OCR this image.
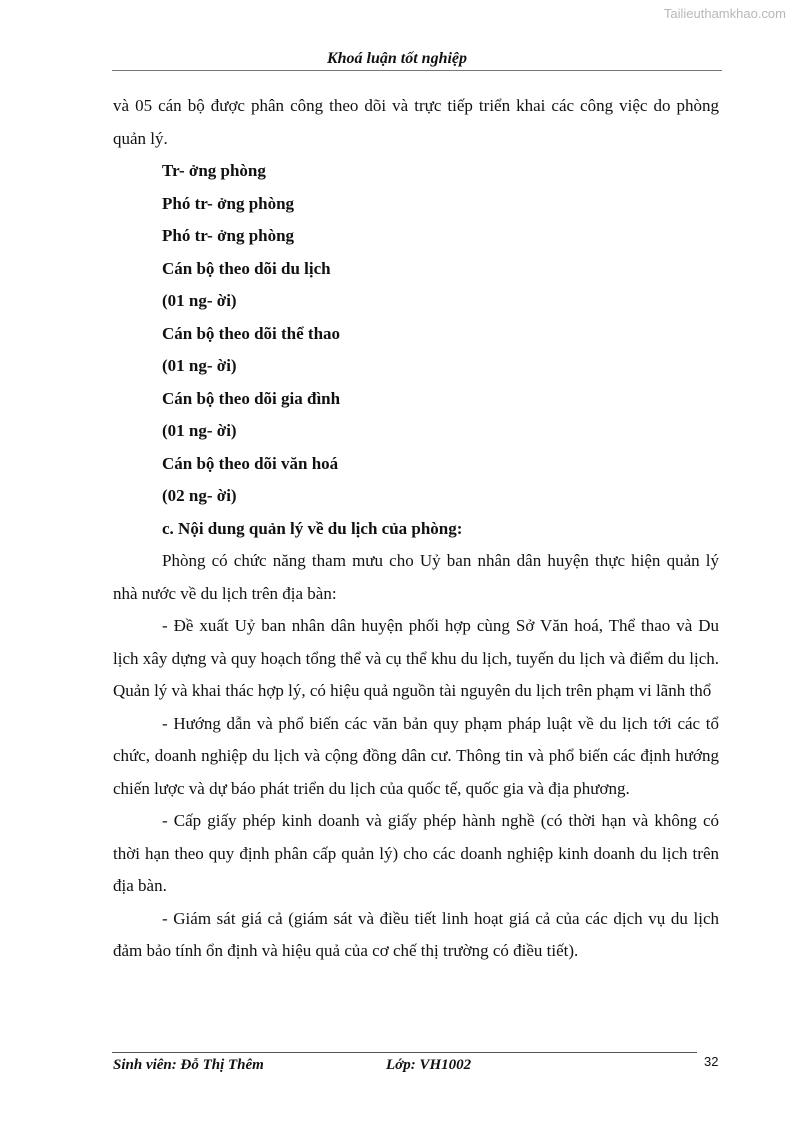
Tailieuthamkhao.com
Khoá luận tốt nghiệp

và 05 cán bộ được phân công theo dõi và trực tiếp triển khai các công việc do phòng quản lý.

Tr- ởng phòng

Phó tr- ởng phòng

Phó tr- ởng phòng

Cán bộ theo dõi du lịch

(01 ng- ời)

Cán bộ theo dõi thể thao

(01 ng- ời)

Cán bộ theo dõi gia đình

(01 ng- ời)

Cán bộ theo dõi văn hoá

(02 ng- ời)

c. Nội dung quản lý về du lịch của phòng:

Phòng có chức năng tham mưu cho Uỷ ban nhân dân huyện thực hiện quản lý nhà nước về du lịch trên địa bàn:

- Đề xuất Uỷ ban nhân dân huyện phối hợp cùng Sở Văn hoá, Thể thao và Du lịch xây dựng và quy hoạch tổng thể và cụ thể khu du lịch, tuyến du lịch và điểm du lịch. Quản lý và khai thác hợp lý, có hiệu quả nguồn tài nguyên du lịch trên phạm vi lãnh thổ

- Hướng dẫn và phổ biến các văn bản quy phạm pháp luật về du lịch tới các tổ chức, doanh nghiệp du lịch và cộng đồng dân cư. Thông tin và phổ biến các định hướng chiến lược và dự báo phát triển du lịch của quốc tế, quốc gia và địa phương.

- Cấp giấy phép kinh doanh và giấy phép hành nghề (có thời hạn và không có thời hạn theo quy định phân cấp quản lý) cho các doanh nghiệp kinh doanh du lịch trên địa bàn.

- Giám sát giá cả (giám sát và điều tiết linh hoạt giá cả của các dịch vụ du lịch đảm bảo tính ổn định và hiệu quả của cơ chế thị trường có điều tiết).

Sinh viên: Đỗ Thị Thêm	Lớp: VH1002	32
